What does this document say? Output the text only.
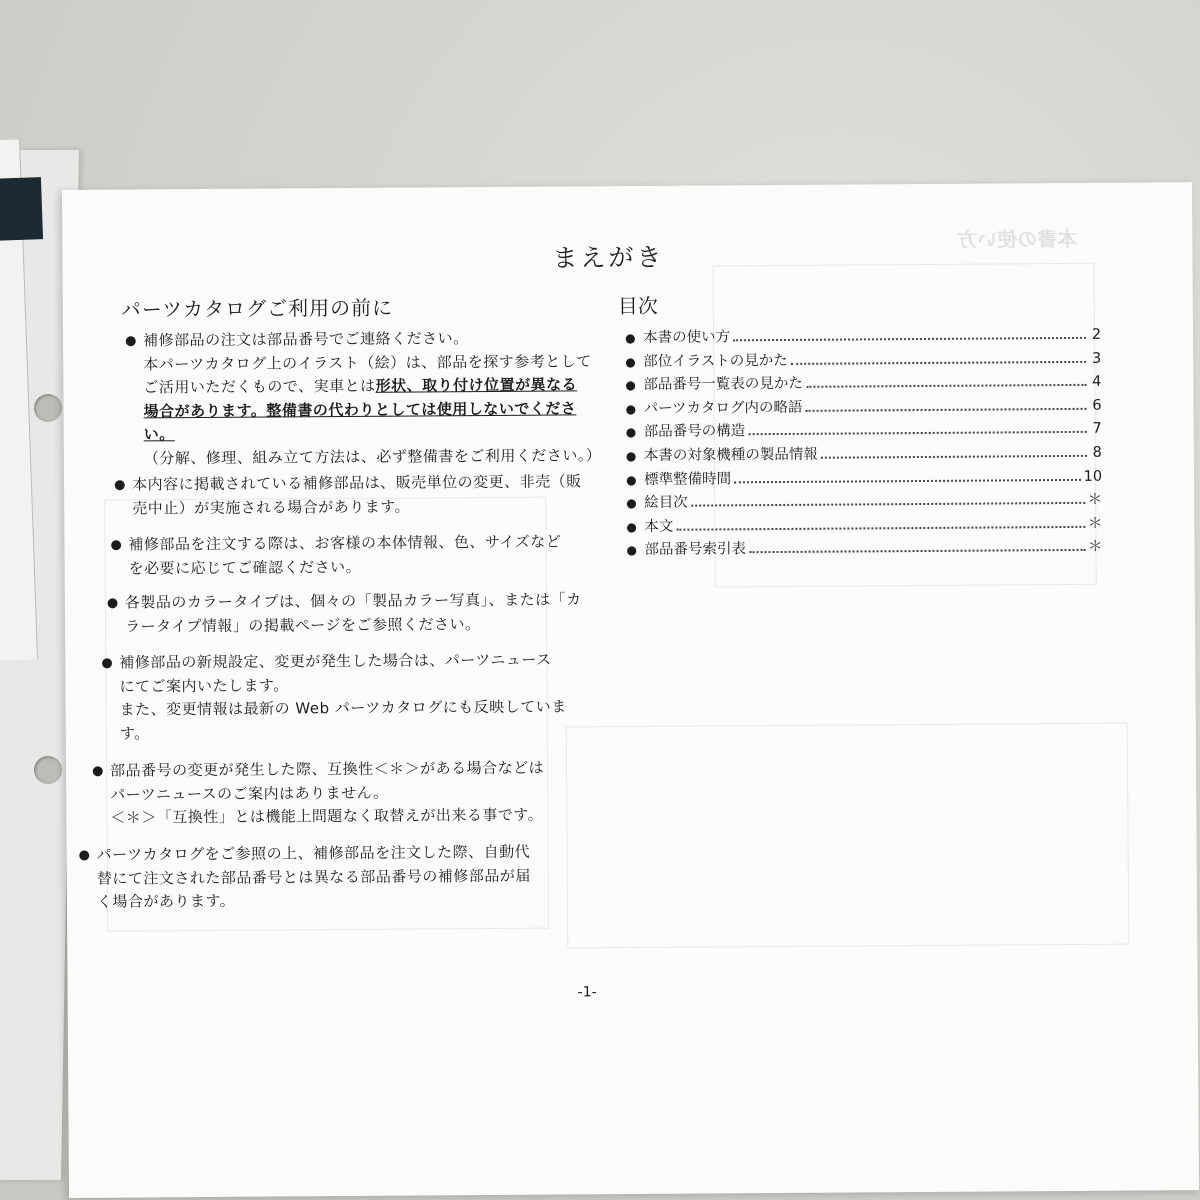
本書の使い方
まえがき
パーツカタログご利用の前に
● 補修部品の注文は部品番号でご連絡ください。
本パーツカタログ上のイラスト（絵）は、部品を探す参考として
ご活用いただくもので、実車とは形状、取り付け位置が異なる
場合があります。整備書の代わりとしては使用しないでくださ
い。
（分解、修理、組み立て方法は、必ず整備書をご利用ください。）
● 本内容に掲載されている補修部品は、販売単位の変更、非売（販
売中止）が実施される場合があります。
● 補修部品を注文する際は、お客様の本体情報、色、サイズなど
を必要に応じてご確認ください。
● 各製品のカラータイプは、個々の「製品カラー写真」、または「カ
ラータイプ情報」の掲載ページをご参照ください。
● 補修部品の新規設定、変更が発生した場合は、パーツニュース
にてご案内いたします。
また、変更情報は最新の Web パーツカタログにも反映していま
す。
● 部品番号の変更が発生した際、互換性＜＊＞がある場合などは
パーツニュースのご案内はありません。
＜＊＞「互換性」とは機能上問題なく取替えが出来る事です。
● パーツカタログをご参照の上、補修部品を注文した際、自動代
替にて注文された部品番号とは異なる部品番号の補修部品が届
く場合があります。
目次
● 本書の使い方	2
● 部位イラストの見かた	3
● 部品番号一覧表の見かた	4
● パーツカタログ内の略語	6
● 部品番号の構造	7
● 本書の対象機種の製品情報	8
● 標準整備時間	10
● 絵目次	＊
● 本文	＊
● 部品番号索引表	＊
-1-
